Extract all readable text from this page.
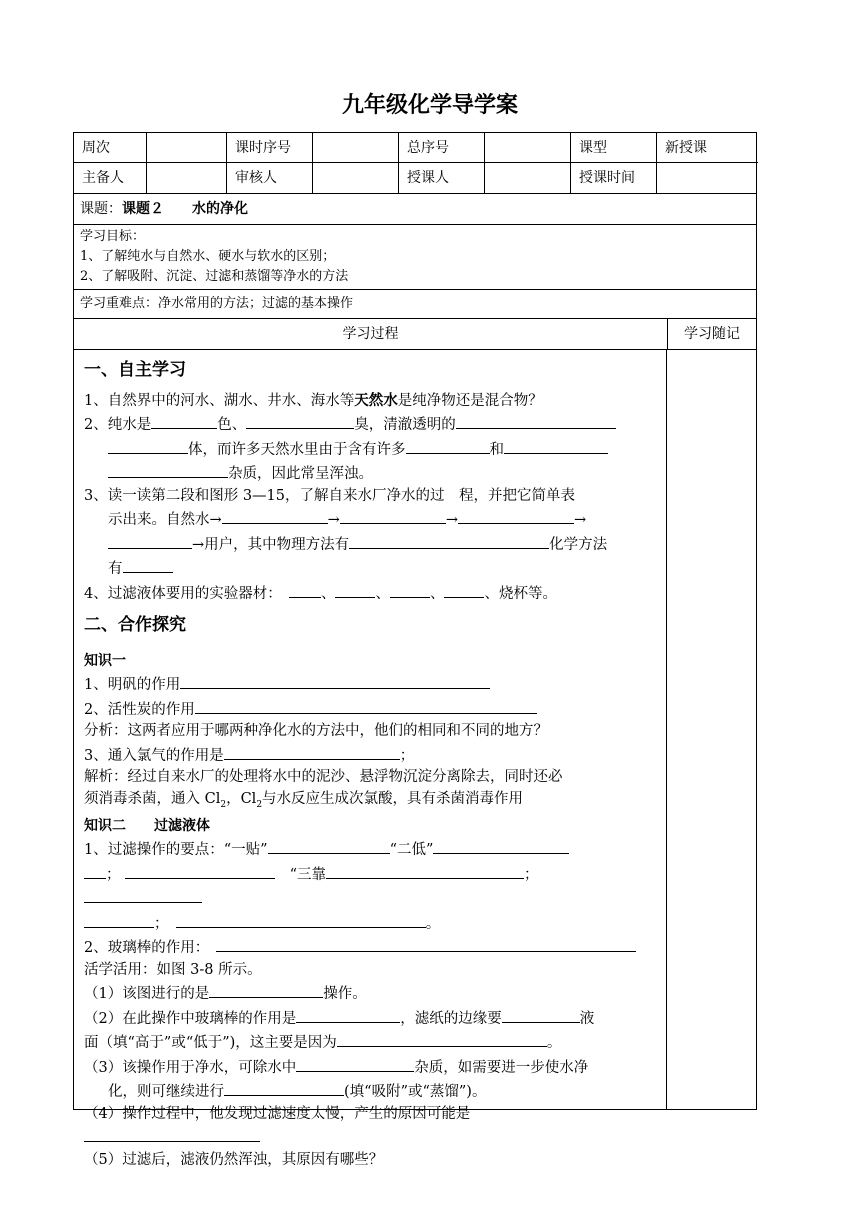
九年级化学导学案
周次	课时序号	总序号	课型	新授课
主备人	审核人	授课人	授课时间
课题：课题２　　水的净化

学习目标：

1、了解纯水与自然水、硬水与软水的区别；

2、了解吸附、沉淀、过滤和蒸馏等净水的方法

学习重难点：净水常用的方法；过滤的基本操作
学习过程	学习随记
一、自主学习

1、自然界中的河水、湖水、井水、海水等天然水是纯净物还是混合物？

2、纯水是	色、	臭，清澈透明的

体，而许多天然水里由于含有许多	和

杂质，因此常呈浑浊。

3、读一读第二段和图形 3—15，了解自来水厂净水的过　程，并把它简单表

示出来。自然水→	→	→	→

→用户，其中物理方法有	化学方法

有

4、过滤液体要用的实验器材：　	、	、	、	、烧杯等。

二、合作探究
知识一

1、明矾的作用

2、活性炭的作用

分析：这两者应用于哪两种净化水的方法中，他们的相同和不同的地方？

3、通入氯气的作用是	；

解析：经过自来水厂的处理将水中的泥沙、悬浮物沉淀分离除去，同时还必

须消毒杀菌，通入 $Cl_2$，$Cl_2$与水反应生成次氯酸，具有杀菌消毒作用

知识二　　过滤液体

1、过滤操作的要点：“一贴”	“二低”

； 　	“三靠	；

；　	。

2、玻璃棒的作用：　

活学活用：如图 3-8 所示。

（1）该图进行的是	操作。

（2）在此操作中玻璃棒的作用是	，滤纸的边缘要	液

面（填“高于”或“低于”)，这主要是因为	。

（3）该操作用于净水，可除水中	杂质，如需要进一步使水净

化，则可继续进行	(填“吸附”或“蒸馏”)。

（4）操作过程中，他发现过滤速度太慢，产生的原因可能是

（5）过滤后，滤液仍然浑浊，其原因有哪些？
